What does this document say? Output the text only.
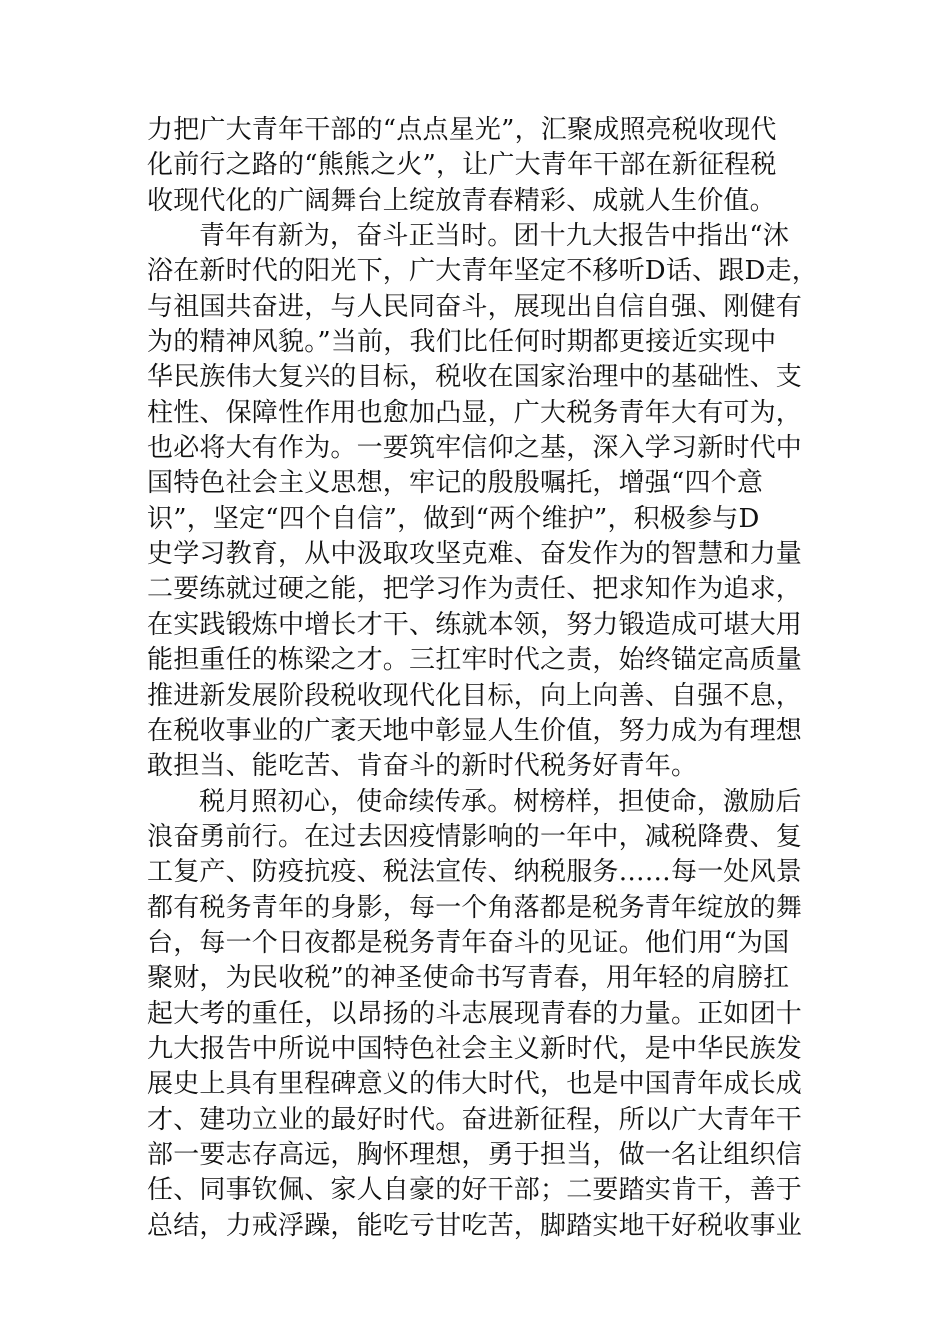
力把广大青年干部的“点点星光”，汇聚成照亮税收现代
化前行之路的“熊熊之火”，让广大青年干部在新征程税
收现代化的广阔舞台上绽放青春精彩、成就人生价值。
青年有新为，奋斗正当时。团十九大报告中指出“沐
浴在新时代的阳光下，广大青年坚定不移听D话、跟D走，
与祖国共奋进，与人民同奋斗，展现出自信自强、刚健有
为的精神风貌。”当前，我们比任何时期都更接近实现中
华民族伟大复兴的目标，税收在国家治理中的基础性、支
柱性、保障性作用也愈加凸显，广大税务青年大有可为，
也必将大有作为。一要筑牢信仰之基，深入学习新时代中
国特色社会主义思想，牢记的殷殷嘱托，增强“四个意
识”，坚定“四个自信”，做到“两个维护”，积极参与D
史学习教育，从中汲取攻坚克难、奋发作为的智慧和力量
二要练就过硬之能，把学习作为责任、把求知作为追求，
在实践锻炼中增长才干、练就本领，努力锻造成可堪大用
能担重任的栋梁之才。三扛牢时代之责，始终锚定高质量
推进新发展阶段税收现代化目标，向上向善、自强不息，
在税收事业的广袤天地中彰显人生价值，努力成为有理想
敢担当、能吃苦、肯奋斗的新时代税务好青年。
税月照初心，使命续传承。树榜样，担使命，激励后
浪奋勇前行。在过去因疫情影响的一年中，减税降费、复
工复产、防疫抗疫、税法宣传、纳税服务……每一处风景
都有税务青年的身影，每一个角落都是税务青年绽放的舞
台，每一个日夜都是税务青年奋斗的见证。他们用“为国
聚财，为民收税”的神圣使命书写青春，用年轻的肩膀扛
起大考的重任，以昂扬的斗志展现青春的力量。正如团十
九大报告中所说中国特色社会主义新时代，是中华民族发
展史上具有里程碑意义的伟大时代，也是中国青年成长成
才、建功立业的最好时代。奋进新征程，所以广大青年干
部一要志存高远，胸怀理想，勇于担当，做一名让组织信
任、同事钦佩、家人自豪的好干部；二要踏实肯干，善于
总结，力戒浮躁，能吃亏甘吃苦，脚踏实地干好税收事业
